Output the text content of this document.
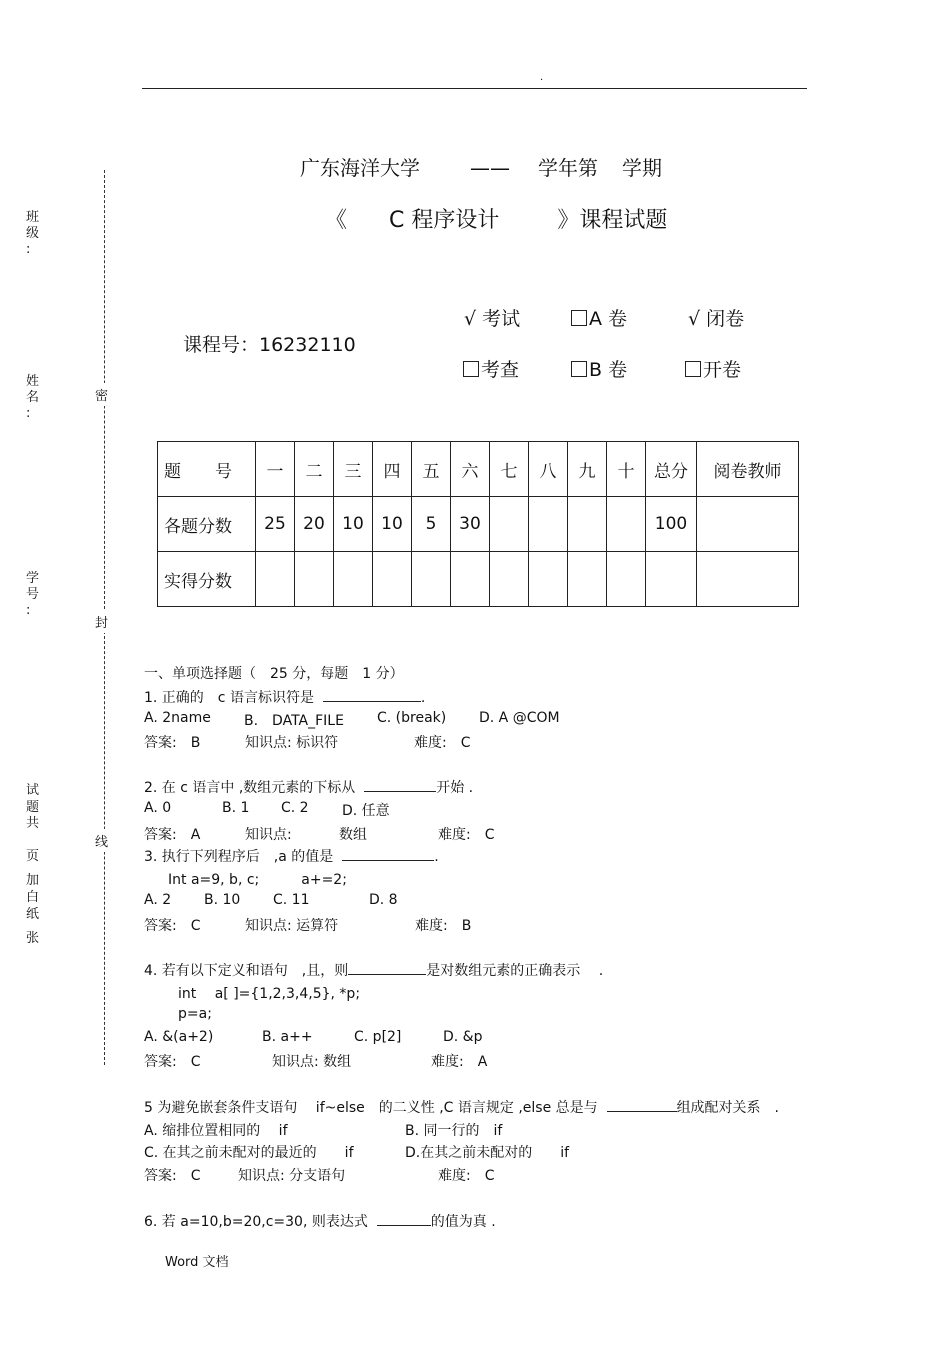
.
班
级
:
姓
名
:
学
号
:
试
题
共
页
加
白
纸
张
密
封
线
广东海洋大学	—— 学年第 学期
《 C 程序设计	》课程试题
课程号：16232110
√ 考试	A 卷	√ 闭卷
考查	B 卷	开卷
题　　号	一	二	三	四	五	六	七	八	九	十	总分	阅卷教师
各题分数	25	20	10	10	5	30					100	
实得分数												
一、单项选择题（　25 分，每题　1 分）
1. 正确的　c 语言标识符是	.
A. 2name B.　DATA_FILE C. (break) D. A @COM
答案:　B	知识点: 标识符	难度:　C
2. 在 c 语言中 ,数组元素的下标从	开始 .
A. 0	B. 1 C. 2 D. 任意
答案:　A	知识点:	数组	难度:　C
3. 执行下列程序后　,a 的值是	.
Int a=9, b, c;　　　a+=2;
A. 2 B. 10 C. 11	D. 8
答案:　C	知识点: 运算符	难度:　B
4. 若有以下定义和语句　,且，则	是对数组元素的正确表示　 .
int　 a[ ]={1,2,3,4,5}, *p;
p=a;
A. &(a+2)	B. a++	C. p[2]	D. &p
答案:　C	知识点: 数组	难度:　A
5 为避免嵌套条件支语句　 if~else　的二义性 ,C 语言规定 ,else 总是与	组成配对关系　.
A. 缩排位置相同的　 if	B. 同一行的　if
C. 在其之前未配对的最近的　　if	D.在其之前未配对的　　if
答案:　C	知识点: 分支语句	难度:　C
6. 若 a=10,b=20,c=30, 则表达式	的值为真 .
Word 文档
